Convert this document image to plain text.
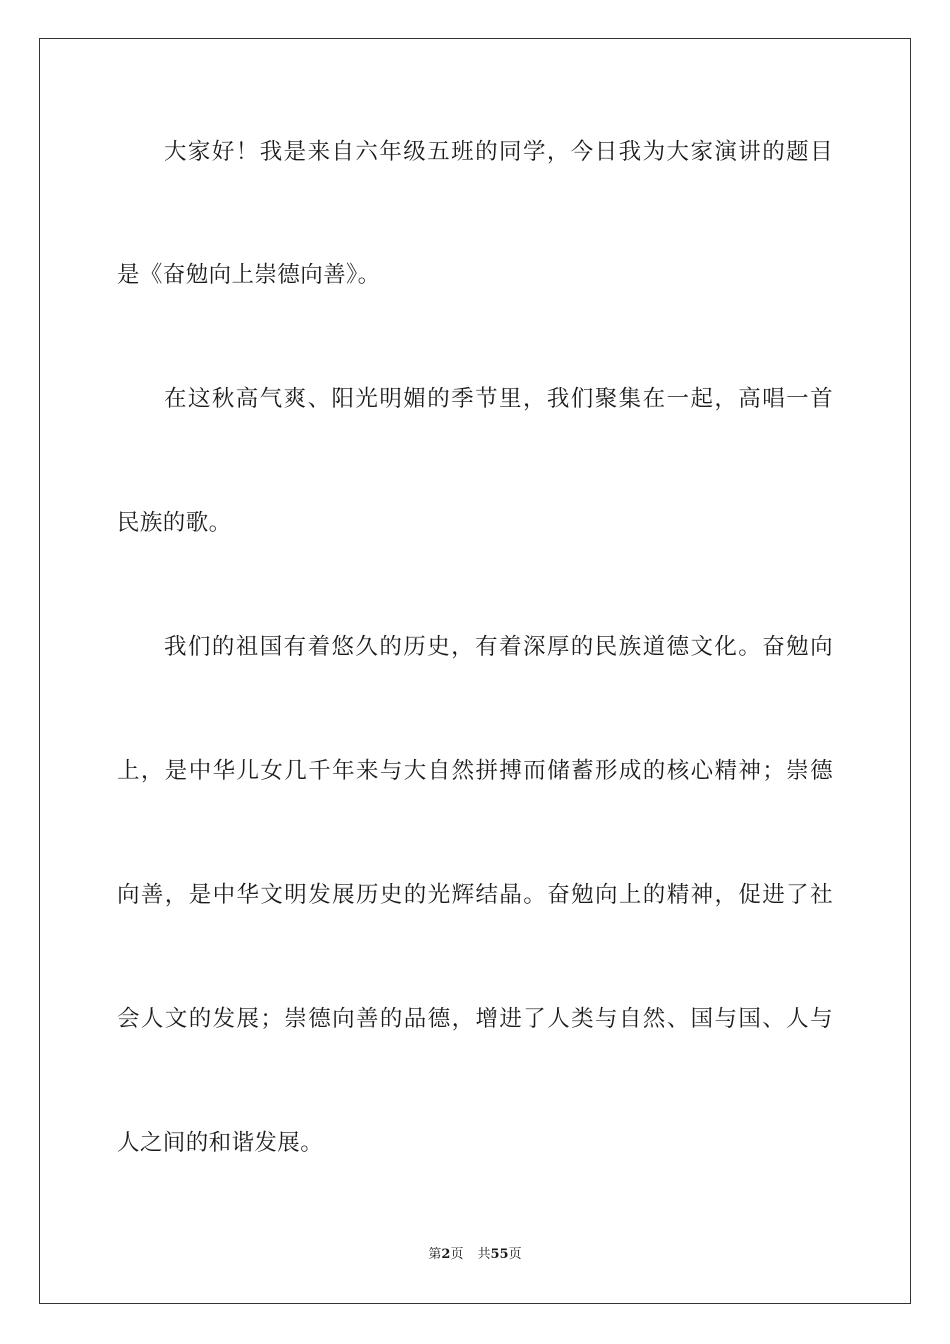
大家好！我是来自六年级五班的同学，今日我为大家演讲的题目
是《奋勉向上崇德向善》。
在这秋高气爽、阳光明媚的季节里，我们聚集在一起，高唱一首
民族的歌。
我们的祖国有着悠久的历史，有着深厚的民族道德文化。奋勉向
上，是中华儿女几千年来与大自然拼搏而储蓄形成的核心精神；崇德
向善，是中华文明发展历史的光辉结晶。奋勉向上的精神，促进了社
会人文的发展；崇德向善的品德，增进了人类与自然、国与国、人与
人之间的和谐发展。
第2页 共55页
